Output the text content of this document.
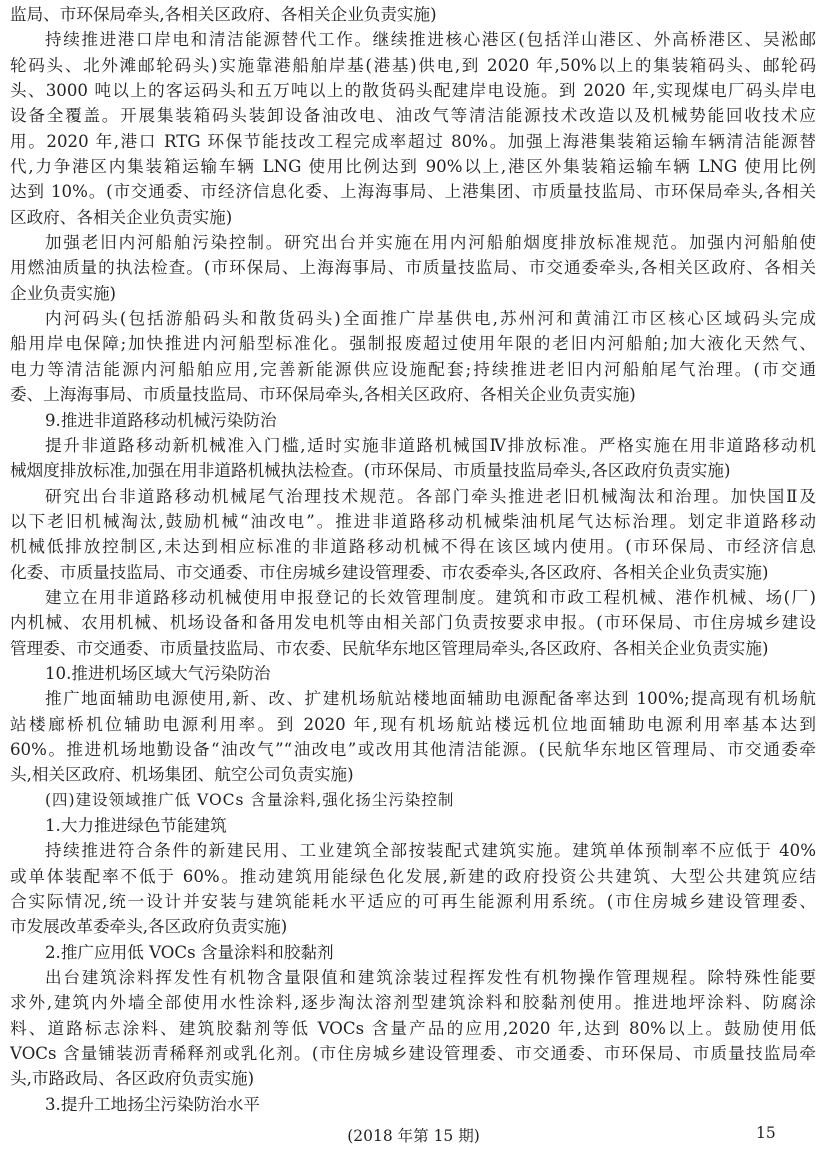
监局、市环保局牵头,各相关区政府、各相关企业负责实施)
持续推进港口岸电和清洁能源替代工作。继续推进核心港区(包括洋山港区、外高桥港区、吴淞邮
轮码头、北外滩邮轮码头)实施靠港船舶岸基(港基)供电,到 2020 年,50%以上的集装箱码头、邮轮码
头、3000 吨以上的客运码头和五万吨以上的散货码头配建岸电设施。到 2020 年,实现煤电厂码头岸电
设备全覆盖。开展集装箱码头装卸设备油改电、油改气等清洁能源技术改造以及机械势能回收技术应
用。2020 年,港口 RTG 环保节能技改工程完成率超过 80%。加强上海港集装箱运输车辆清洁能源替
代,力争港区内集装箱运输车辆 LNG 使用比例达到 90%以上,港区外集装箱运输车辆 LNG 使用比例
达到 10%。(市交通委、市经济信息化委、上海海事局、上港集团、市质量技监局、市环保局牵头,各相关
区政府、各相关企业负责实施)
加强老旧内河船舶污染控制。研究出台并实施在用内河船舶烟度排放标准规范。加强内河船舶使
用燃油质量的执法检查。(市环保局、上海海事局、市质量技监局、市交通委牵头,各相关区政府、各相关
企业负责实施)
内河码头(包括游船码头和散货码头)全面推广岸基供电,苏州河和黄浦江市区核心区域码头完成
船用岸电保障;加快推进内河船型标准化。强制报废超过使用年限的老旧内河船舶;加大液化天然气、
电力等清洁能源内河船舶应用,完善新能源供应设施配套;持续推进老旧内河船舶尾气治理。(市交通
委、上海海事局、市质量技监局、市环保局牵头,各相关区政府、各相关企业负责实施)
9.推进非道路移动机械污染防治
提升非道路移动新机械准入门槛,适时实施非道路机械国Ⅳ排放标准。严格实施在用非道路移动机
械烟度排放标准,加强在用非道路机械执法检查。(市环保局、市质量技监局牵头,各区政府负责实施)
研究出台非道路移动机械尾气治理技术规范。各部门牵头推进老旧机械淘汰和治理。加快国Ⅱ及
以下老旧机械淘汰,鼓励机械“油改电”。推进非道路移动机械柴油机尾气达标治理。划定非道路移动
机械低排放控制区,未达到相应标准的非道路移动机械不得在该区域内使用。(市环保局、市经济信息
化委、市质量技监局、市交通委、市住房城乡建设管理委、市农委牵头,各区政府、各相关企业负责实施)
建立在用非道路移动机械使用申报登记的长效管理制度。建筑和市政工程机械、港作机械、场(厂)
内机械、农用机械、机场设备和备用发电机等由相关部门负责按要求申报。(市环保局、市住房城乡建设
管理委、市交通委、市质量技监局、市农委、民航华东地区管理局牵头,各区政府、各相关企业负责实施)
10.推进机场区域大气污染防治
推广地面辅助电源使用,新、改、扩建机场航站楼地面辅助电源配备率达到 100%;提高现有机场航
站楼廊桥机位辅助电源利用率。到 2020 年,现有机场航站楼远机位地面辅助电源利用率基本达到
60%。推进机场地勤设备“油改气”“油改电”或改用其他清洁能源。(民航华东地区管理局、市交通委牵
头,相关区政府、机场集团、航空公司负责实施)
(四)建设领域推广低 VOCs 含量涂料,强化扬尘污染控制
1.大力推进绿色节能建筑
持续推进符合条件的新建民用、工业建筑全部按装配式建筑实施。建筑单体预制率不应低于 40%
或单体装配率不低于 60%。推动建筑用能绿色化发展,新建的政府投资公共建筑、大型公共建筑应结
合实际情况,统一设计并安装与建筑能耗水平适应的可再生能源利用系统。(市住房城乡建设管理委、
市发展改革委牵头,各区政府负责实施)
2.推广应用低 VOCs 含量涂料和胶黏剂
出台建筑涂料挥发性有机物含量限值和建筑涂装过程挥发性有机物操作管理规程。除特殊性能要
求外,建筑内外墙全部使用水性涂料,逐步淘汰溶剂型建筑涂料和胶黏剂使用。推进地坪涂料、防腐涂
料、道路标志涂料、建筑胶黏剂等低 VOCs 含量产品的应用,2020 年,达到 80%以上。鼓励使用低
VOCs 含量铺装沥青稀释剂或乳化剂。(市住房城乡建设管理委、市交通委、市环保局、市质量技监局牵
头,市路政局、各区政府负责实施)
3.提升工地扬尘污染防治水平
(2018 年第 15 期)	15
